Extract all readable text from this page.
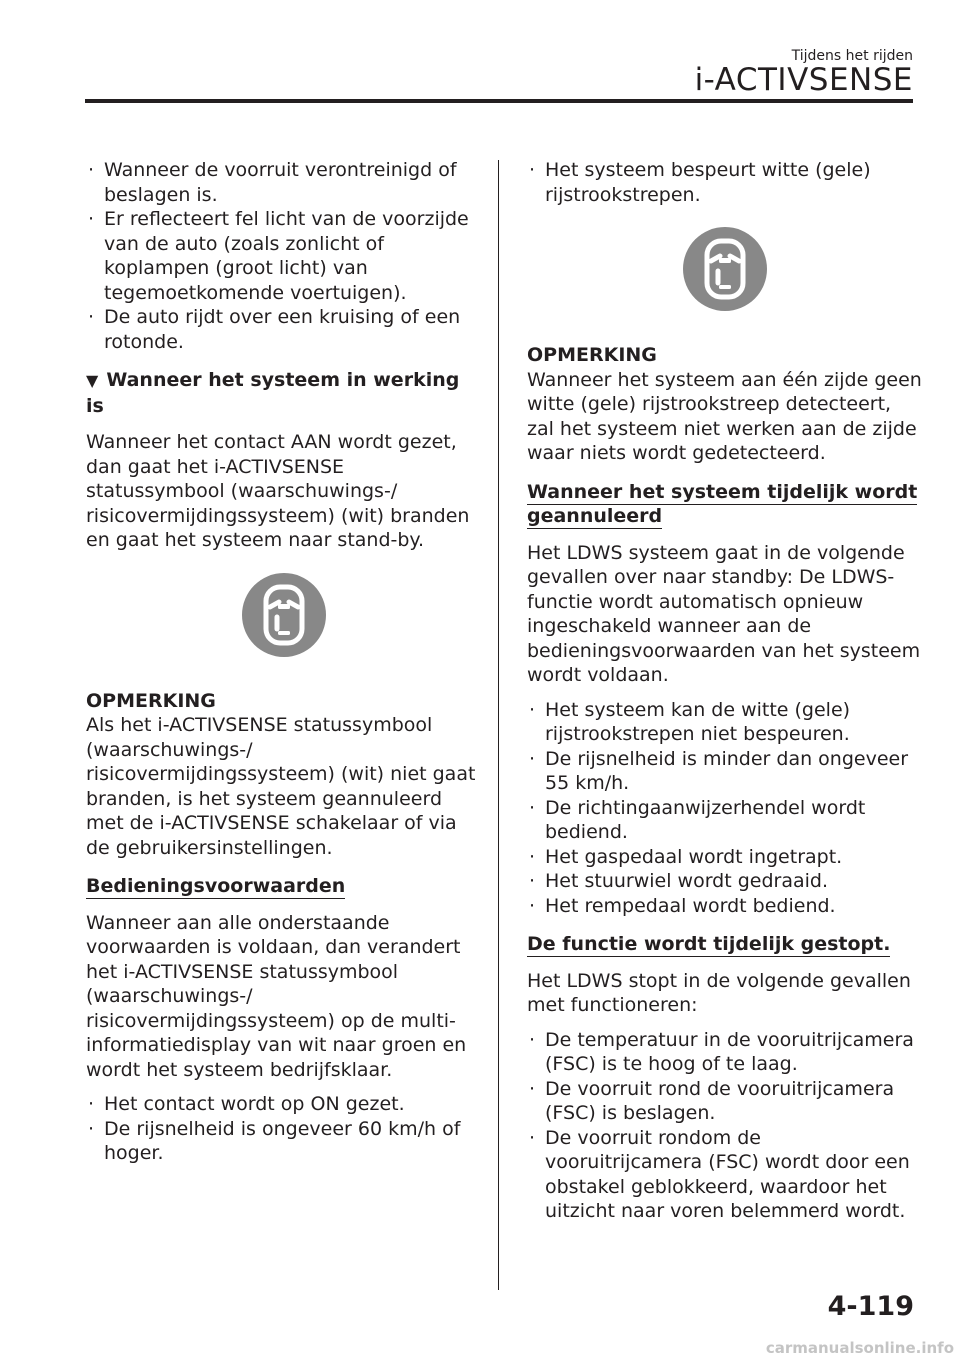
Tijdens het rijden
i-ACTIVSENSE
· Wanneer de voorruit verontreinigd of beslagen is.
· Er reflecteert fel licht van de voorzijde van de auto (zoals zonlicht of koplampen (groot licht) van tegemoetkomende voertuigen).
· De auto rijdt over een kruising of een rotonde.
▼ Wanneer het systeem in werking is

Wanneer het contact AAN wordt gezet, dan gaat het i-ACTIVSENSE statussymbool (waarschuwings-/ risicovermijdingssysteem) (wit) branden en gaat het systeem naar stand-by.

OPMERKING

Als het i-ACTIVSENSE statussymbool (waarschuwings-/ risicovermijdingssysteem) (wit) niet gaat branden, is het systeem geannuleerd met de i-ACTIVSENSE schakelaar of via de gebruikersinstellingen.

Bedieningsvoorwaarden

Wanneer aan alle onderstaande voorwaarden is voldaan, dan verandert het i-ACTIVSENSE statussymbool (waarschuwings-/ risicovermijdingssysteem) op de multi-informatiedisplay van wit naar groen en wordt het systeem bedrijfsklaar.

· Het contact wordt op ON gezet.
· De rijsnelheid is ongeveer 60 km/h of hoger.
· Het systeem bespeurt witte (gele) rijstrookstrepen.

OPMERKING

Wanneer het systeem aan één zijde geen witte (gele) rijstrookstreep detecteert, zal het systeem niet werken aan de zijde waar niets wordt gedetecteerd.

Wanneer het systeem tijdelijk wordt geannuleerd

Het LDWS systeem gaat in de volgende gevallen over naar standby: De LDWS-functie wordt automatisch opnieuw ingeschakeld wanneer aan de bedieningsvoorwaarden van het systeem wordt voldaan.

· Het systeem kan de witte (gele) rijstrookstrepen niet bespeuren.
· De rijsnelheid is minder dan ongeveer 55 km/h.
· De richtingaanwijzerhendel wordt bediend.
· Het gaspedaal wordt ingetrapt.
· Het stuurwiel wordt gedraaid.
· Het rempedaal wordt bediend.
De functie wordt tijdelijk gestopt.

Het LDWS stopt in de volgende gevallen met functioneren:

· De temperatuur in de vooruitrijcamera (FSC) is te hoog of te laag.
· De voorruit rond de vooruitrijcamera (FSC) is beslagen.
· De voorruit rondom de vooruitrijcamera (FSC) wordt door een obstakel geblokkeerd, waardoor het uitzicht naar voren belemmerd wordt.
4-119
carmanualsonline.info
